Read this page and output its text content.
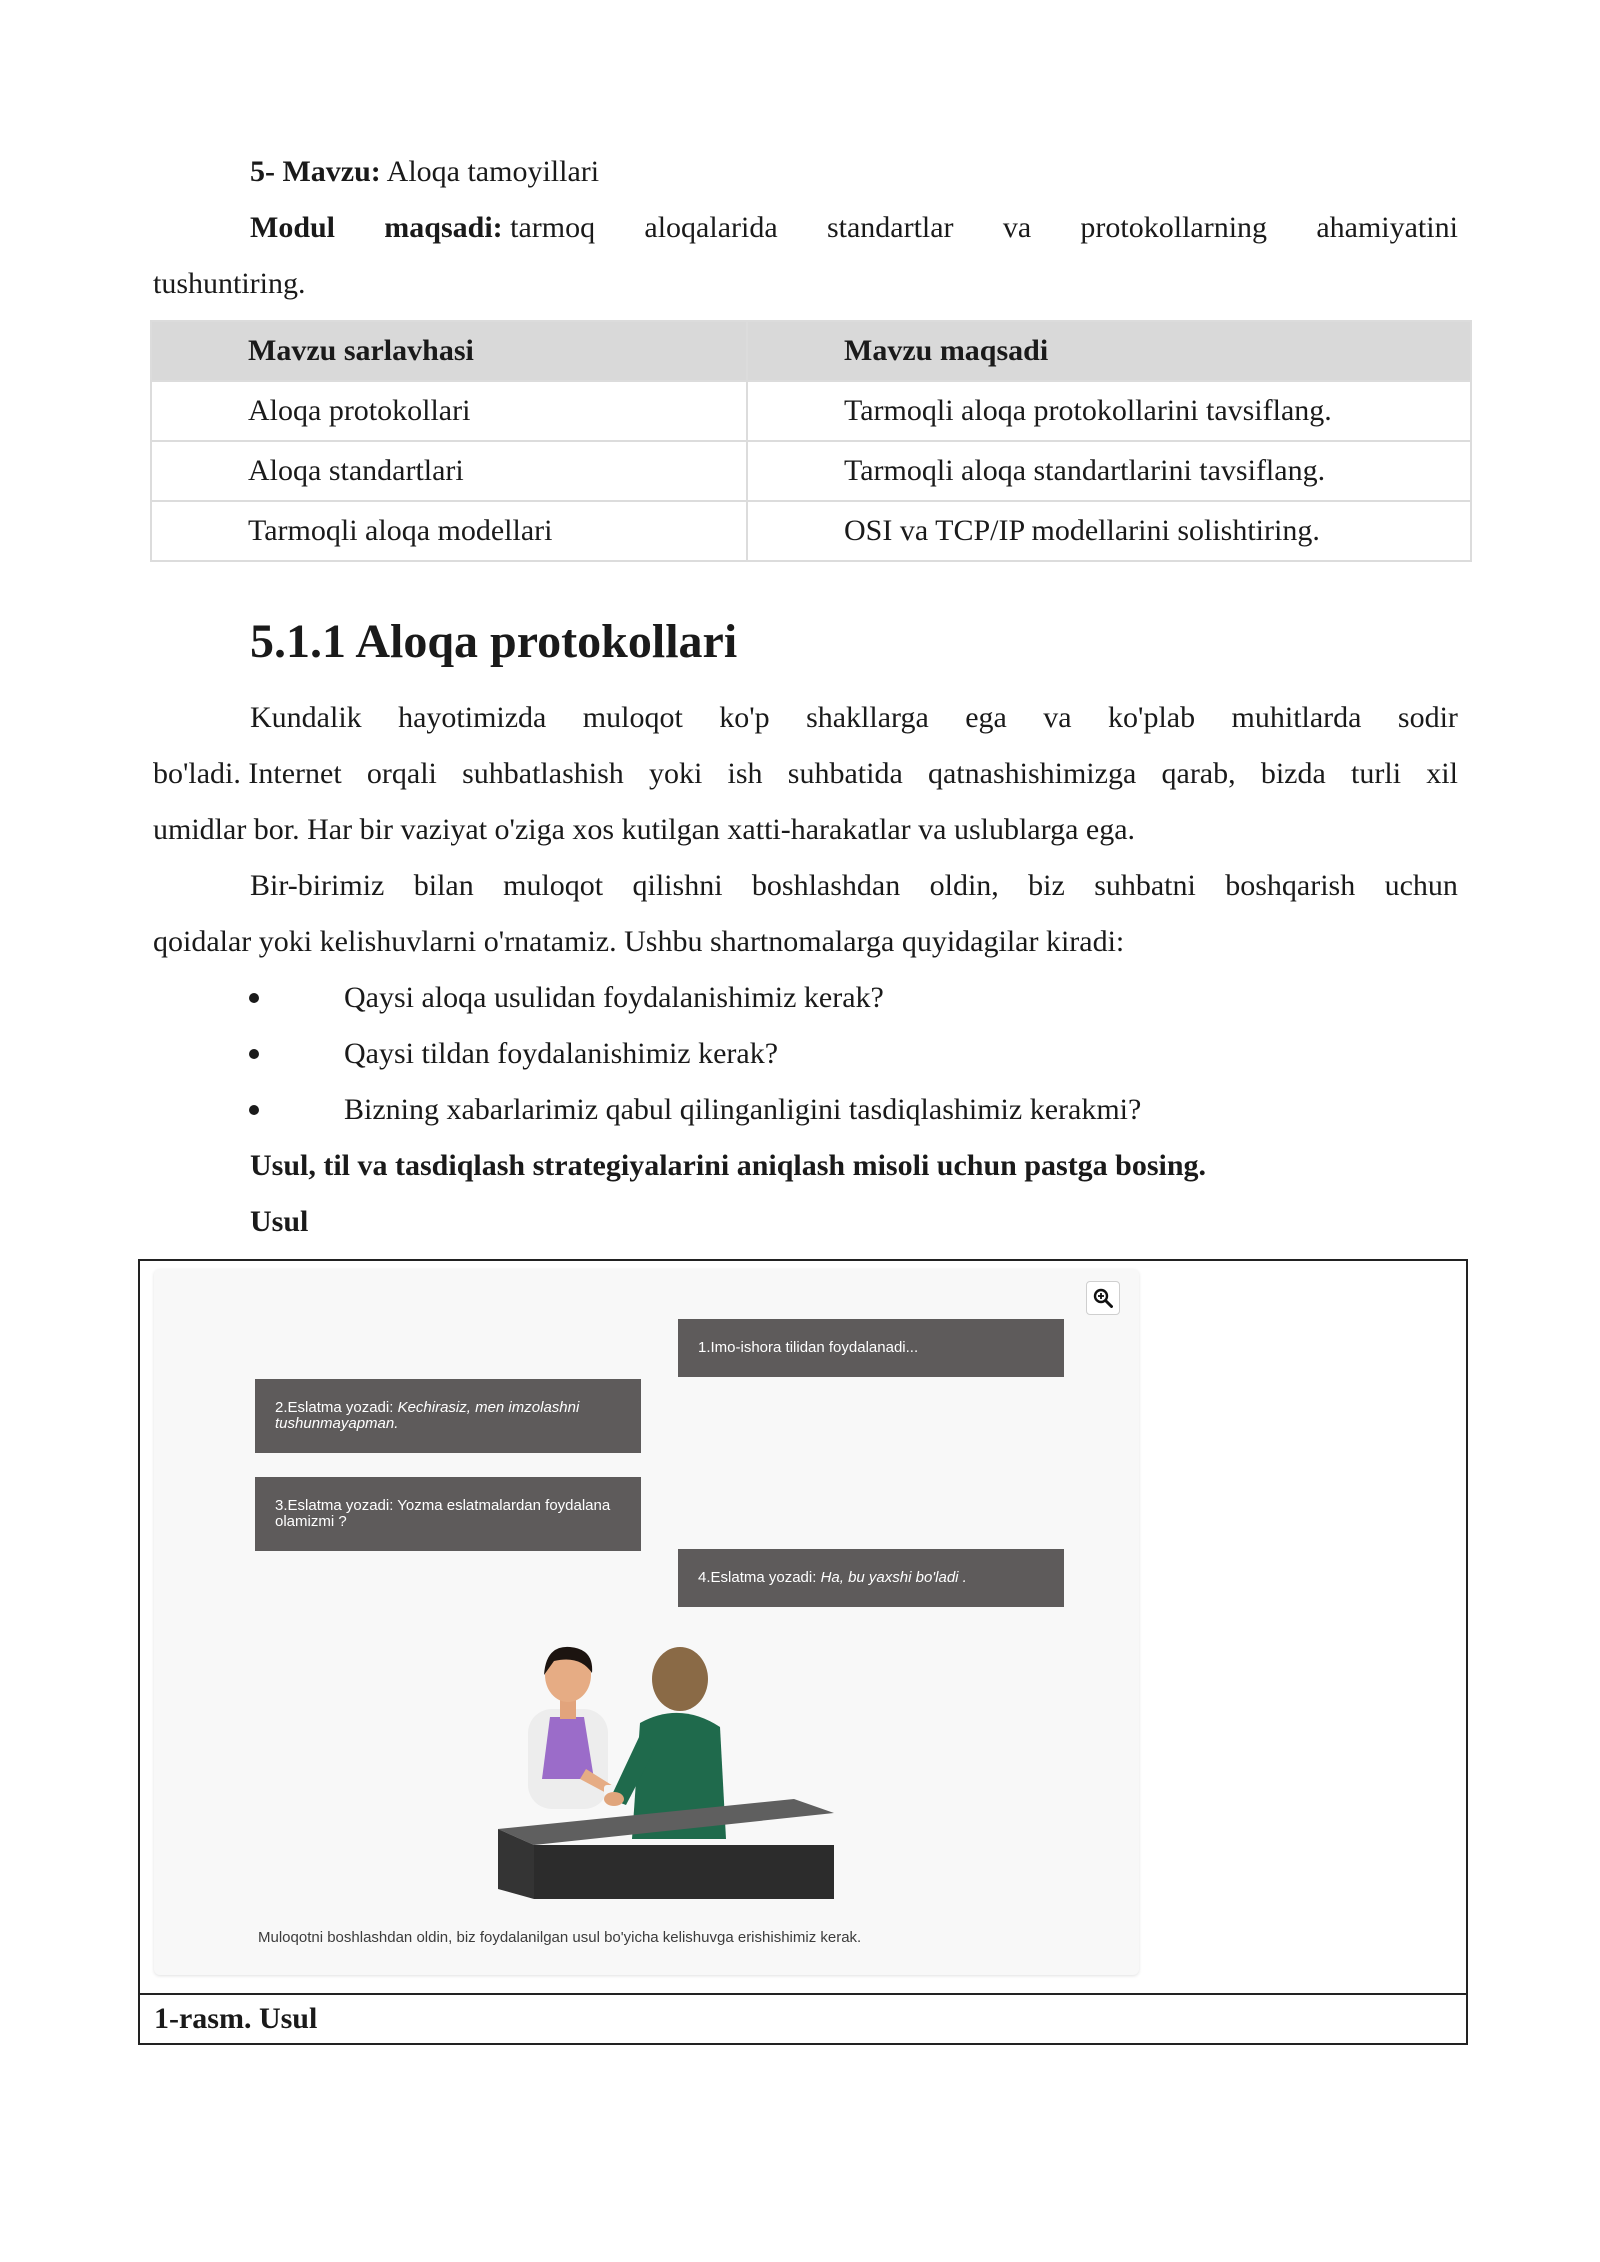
5- Mavzu: Aloqa tamoyillari
Modul maqsadi: tarmoq aloqalarida standartlar va protokollarning ahamiyatini
tushuntiring.
Mavzu sarlavhasi	Mavzu maqsadi
Aloqa protokollari	Tarmoqli aloqa protokollarini tavsiflang.
Aloqa standartlari	Tarmoqli aloqa standartlarini tavsiflang.
Tarmoqli aloqa modellari	OSI va TCP/IP modellarini solishtiring.
5.1.1 Aloqa protokollari
Kundalik hayotimizda muloqot ko'p shakllarga ega va ko'plab muhitlarda sodir
bo'ladi. Internet orqali suhbatlashish yoki ish suhbatida qatnashishimizga qarab, bizda turli xil
umidlar bor. Har bir vaziyat o'ziga xos kutilgan xatti-harakatlar va uslublarga ega.
Bir-birimiz bilan muloqot qilishni boshlashdan oldin, biz suhbatni boshqarish uchun
qoidalar yoki kelishuvlarni o'rnatamiz. Ushbu shartnomalarga quyidagilar kiradi:
Qaysi aloqa usulidan foydalanishimiz kerak?
Qaysi tildan foydalanishimiz kerak?
Bizning xabarlarimiz qabul qilinganligini tasdiqlashimiz kerakmi?
Usul, til va tasdiqlash strategiyalarini aniqlash misoli uchun pastga bosing.
Usul
1.Imo-ishora tilidan foydalanadi...
2.Eslatma yozadi: Kechirasiz, men imzolashni tushunmayapman.
3.Eslatma yozadi: Yozma eslatmalardan foydalana olamizmi ?
4.Eslatma yozadi: Ha, bu yaxshi bo'ladi .
Muloqotni boshlashdan oldin, biz foydalanilgan usul bo'yicha kelishuvga erishishimiz kerak.
1-rasm. Usul
